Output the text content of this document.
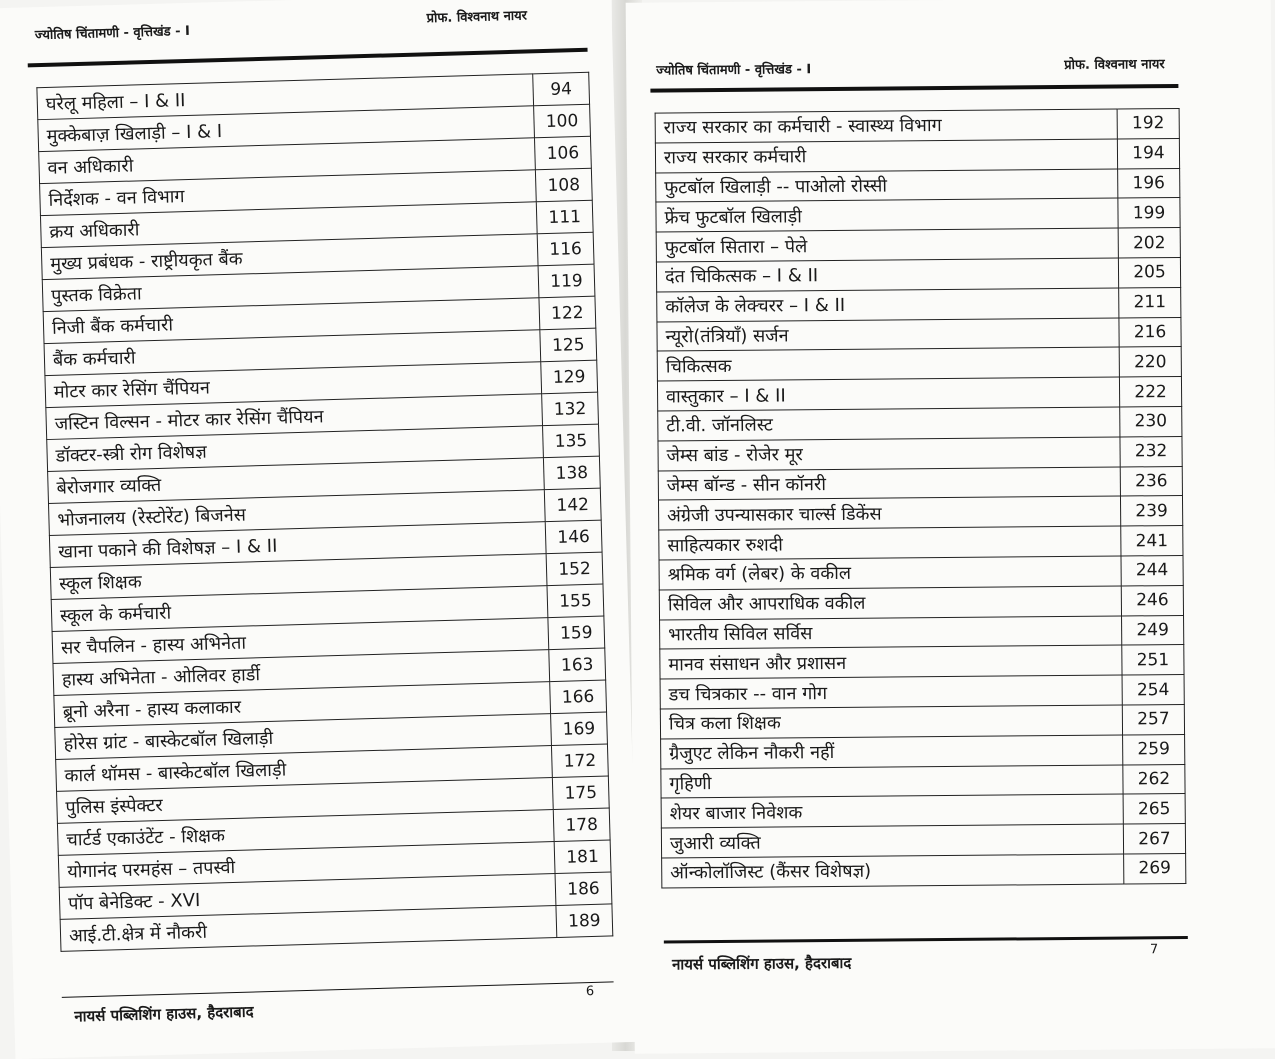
ज्योतिष चिंतामणी - वृत्तिखंड - I
प्रोफ. विश्वनाथ नायर
घरेलू महिला – I & II	94
मुक्केबाज़ खिलाड़ी – I & I	100
वन अधिकारी	106
निर्देशक - वन विभाग	108
क्रय अधिकारी	111
मुख्य प्रबंधक - राष्ट्रीयकृत बैंक	116
पुस्तक विक्रेता	119
निजी बैंक कर्मचारी	122
बैंक कर्मचारी	125
मोटर कार रेसिंग चैंपियन	129
जस्टिन विल्सन - मोटर कार रेसिंग चैंपियन	132
डॉक्टर-स्त्री रोग विशेषज्ञ	135
बेरोजगार व्यक्ति	138
भोजनालय (रेस्टोरेंट) बिजनेस	142
खाना पकाने की विशेषज्ञ – I & II	146
स्कूल शिक्षक	152
स्कूल के कर्मचारी	155
सर चैपलिन - हास्य अभिनेता	159
हास्य अभिनेता - ओलिवर हार्डी	163
ब्रूनो अरैना - हास्य कलाकार	166
होरेस ग्रांट - बास्केटबॉल खिलाड़ी	169
कार्ल थॉमस - बास्केटबॉल खिलाड़ी	172
पुलिस इंस्पेक्टर	175
चार्टर्ड एकाउंटेंट - शिक्षक	178
योगानंद परमहंस – तपस्वी	181
पॉप बेनेडिक्ट - XVI	186
आई.टी.क्षेत्र में नौकरी	189
नायर्स पब्लिशिंग हाउस, हैदराबाद
6
ज्योतिष चिंतामणी - वृत्तिखंड - I	प्रोफ. विश्वनाथ नायर
राज्य सरकार का कर्मचारी - स्वास्थ्य विभाग	192
राज्य सरकार कर्मचारी	194
फुटबॉल खिलाड़ी -- पाओलो रोस्सी	196
फ्रेंच फुटबॉल खिलाड़ी	199
फुटबॉल सितारा – पेले	202
दंत चिकित्सक – I & II	205
कॉलेज के लेक्चरर – I & II	211
न्यूरो(तंत्रियाँ) सर्जन	216
चिकित्सक	220
वास्तुकार – I & II	222
टी.वी. जॉनलिस्ट	230
जेम्स बांड - रोजेर मूर	232
जेम्स बॉन्ड - सीन कॉनरी	236
अंग्रेजी उपन्यासकार चार्ल्स डिकेंस	239
साहित्यकार रुशदी	241
श्रमिक वर्ग (लेबर) के वकील	244
सिविल और आपराधिक वकील	246
भारतीय सिविल सर्विस	249
मानव संसाधन और प्रशासन	251
डच चित्रकार -- वान गोग	254
चित्र कला शिक्षक	257
ग्रैजुएट लेकिन नौकरी नहीं	259
गृहिणी	262
शेयर बाजार निवेशक	265
जुआरी व्यक्ति	267
ऑन्कोलॉजिस्ट (कैंसर विशेषज्ञ)	269
नायर्स पब्लिशिंग हाउस, हैदराबाद
7
